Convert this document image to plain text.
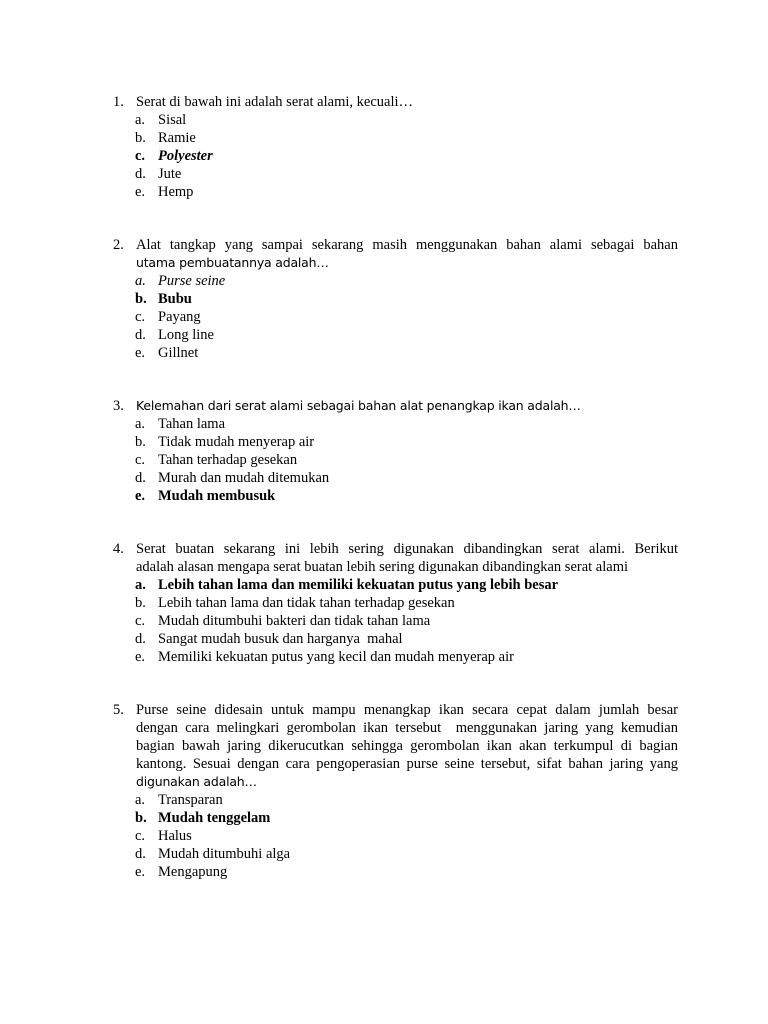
1. Serat di bawah ini adalah serat alami, kecuali…
a. Sisal
b. Ramie
c. Polyester
d. Jute
e. Hemp
2. Alat tangkap yang sampai sekarang masih menggunakan bahan alami sebagai bahan
utama pembuatannya adalah…
a. Purse seine
b. Bubu
c. Payang
d. Long line
e. Gillnet
3. Kelemahan dari serat alami sebagai bahan alat penangkap ikan adalah…
a. Tahan lama
b. Tidak mudah menyerap air
c. Tahan terhadap gesekan
d. Murah dan mudah ditemukan
e. Mudah membusuk
4. Serat buatan sekarang ini lebih sering digunakan dibandingkan serat alami. Berikut
adalah alasan mengapa serat buatan lebih sering digunakan dibandingkan serat alami
a. Lebih tahan lama dan memiliki kekuatan putus yang lebih besar
b. Lebih tahan lama dan tidak tahan terhadap gesekan
c. Mudah ditumbuhi bakteri dan tidak tahan lama
d. Sangat mudah busuk dan harganya  mahal
e. Memiliki kekuatan putus yang kecil dan mudah menyerap air
5. Purse seine didesain untuk mampu menangkap ikan secara cepat dalam jumlah besar
dengan cara melingkari gerombolan ikan tersebut  menggunakan jaring yang kemudian
bagian bawah jaring dikerucutkan sehingga gerombolan ikan akan terkumpul di bagian
kantong. Sesuai dengan cara pengoperasian purse seine tersebut, sifat bahan jaring yang
digunakan adalah…
a. Transparan
b. Mudah tenggelam
c. Halus
d. Mudah ditumbuhi alga
e. Mengapung
